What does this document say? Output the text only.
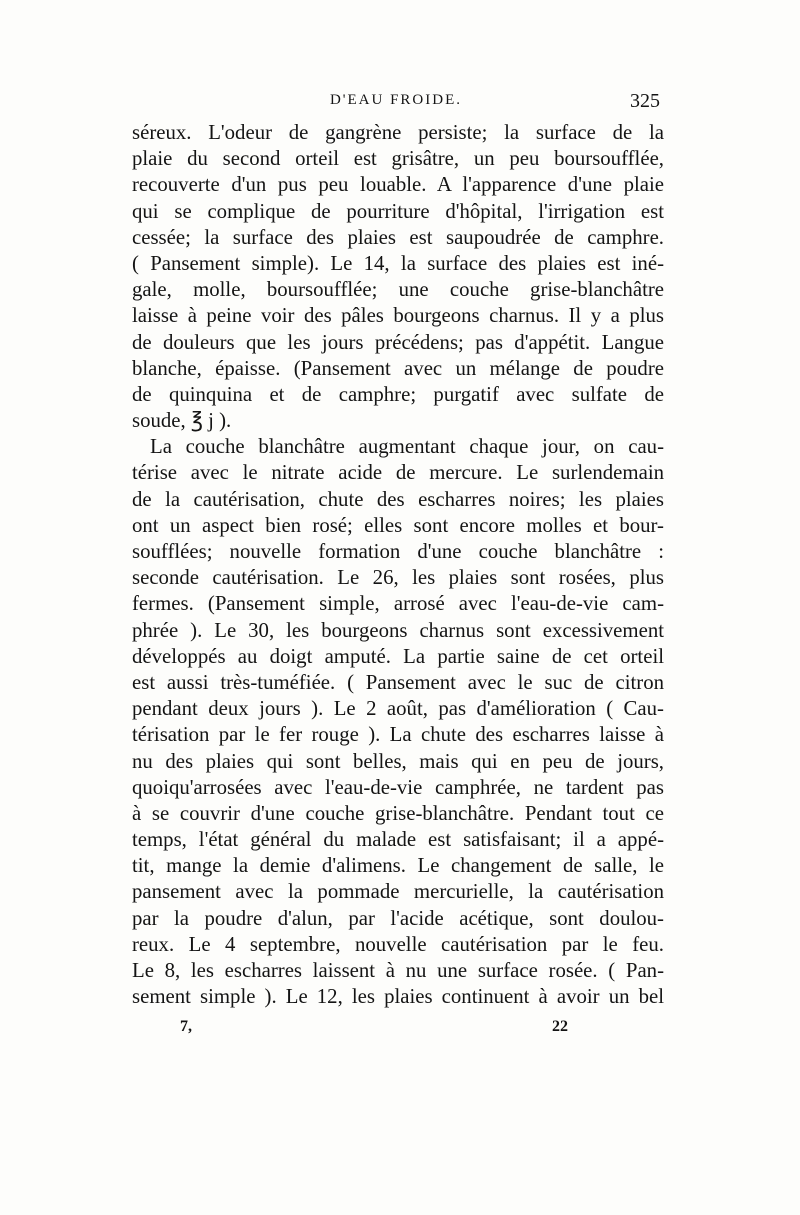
D'EAU FROIDE.	325
séreux. L'odeur de gangrène persiste; la surface de la
plaie du second orteil est grisâtre, un peu boursoufflée,
recouverte d'un pus peu louable. A l'apparence d'une plaie
qui se complique de pourriture d'hôpital, l'irrigation est
cessée; la surface des plaies est saupoudrée de camphre.
( Pansement simple). Le 14, la surface des plaies est iné-
gale, molle, boursoufflée; une couche grise-blanchâtre
laisse à peine voir des pâles bourgeons charnus. Il y a plus
de douleurs que les jours précédens; pas d'appétit. Langue
blanche, épaisse. (Pansement avec un mélange de poudre
de quinquina et de camphre; purgatif avec sulfate de
soude, ℥ j ).
La couche blanchâtre augmentant chaque jour, on cau-
térise avec le nitrate acide de mercure. Le surlendemain
de la cautérisation, chute des escharres noires; les plaies
ont un aspect bien rosé; elles sont encore molles et bour-
soufflées; nouvelle formation d'une couche blanchâtre :
seconde cautérisation. Le 26, les plaies sont rosées, plus
fermes. (Pansement simple, arrosé avec l'eau-de-vie cam-
phrée ). Le 30, les bourgeons charnus sont excessivement
développés au doigt amputé. La partie saine de cet orteil
est aussi très-tuméfiée. ( Pansement avec le suc de citron
pendant deux jours ). Le 2 août, pas d'amélioration ( Cau-
térisation par le fer rouge ). La chute des escharres laisse à
nu des plaies qui sont belles, mais qui en peu de jours,
quoiqu'arrosées avec l'eau-de-vie camphrée, ne tardent pas
à se couvrir d'une couche grise-blanchâtre. Pendant tout ce
temps, l'état général du malade est satisfaisant; il a appé-
tit, mange la demie d'alimens. Le changement de salle, le
pansement avec la pommade mercurielle, la cautérisation
par la poudre d'alun, par l'acide acétique, sont doulou-
reux. Le 4 septembre, nouvelle cautérisation par le feu.
Le 8, les escharres laissent à nu une surface rosée. ( Pan-
sement simple ). Le 12, les plaies continuent à avoir un bel
7,	22
